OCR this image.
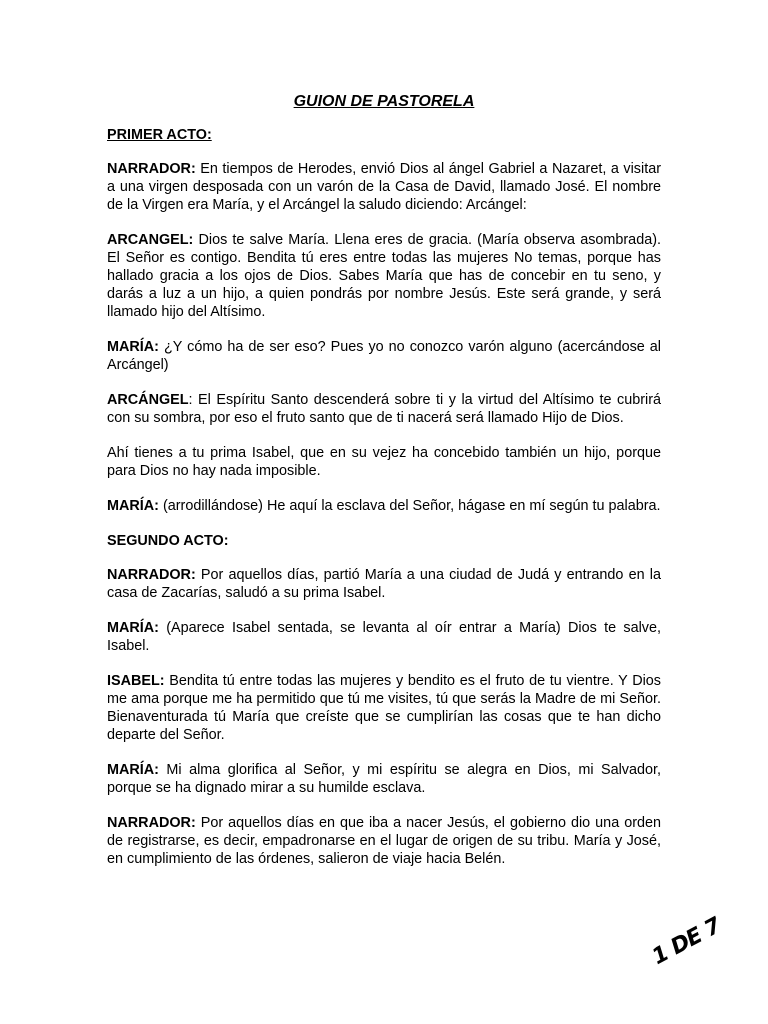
GUION DE PASTORELA
PRIMER ACTO:

NARRADOR: En tiempos de Herodes, envió Dios al ángel Gabriel a Nazaret, a visitar a una virgen desposada con un varón de la Casa de David, llamado José. El nombre de la Virgen era María, y el Arcángel la saludo diciendo: Arcángel:

ARCANGEL: Dios te salve María. Llena eres de gracia. (María observa asombrada). El Señor es contigo. Bendita tú eres entre todas las mujeres No temas, porque has hallado gracia a los ojos de Dios. Sabes María que has de concebir en tu seno, y darás a luz a un hijo, a quien pondrás por nombre Jesús. Este será grande, y será llamado hijo del Altísimo.

MARÍA: ¿Y cómo ha de ser eso? Pues yo no conozco varón alguno (acercándose al Arcángel)

ARCÁNGEL: El Espíritu Santo descenderá sobre ti y la virtud del Altísimo te cubrirá con su sombra, por eso el fruto santo que de ti nacerá será llamado Hijo de Dios.

Ahí tienes a tu prima Isabel, que en su vejez ha concebido también un hijo, porque para Dios no hay nada imposible.

MARÍA: (arrodillándose) He aquí la esclava del Señor, hágase en mí según tu palabra.

SEGUNDO ACTO:

NARRADOR: Por aquellos días, partió María a una ciudad de Judá y entrando en la casa de Zacarías, saludó a su prima Isabel.

MARÍA: (Aparece Isabel sentada, se levanta al oír entrar a María) Dios te salve, Isabel.

ISABEL: Bendita tú entre todas las mujeres y bendito es el fruto de tu vientre. Y Dios me ama porque me ha permitido que tú me visites, tú que serás la Madre de mi Señor. Bienaventurada tú María que creíste que se cumplirían las cosas que te han dicho departe del Señor.

MARÍA: Mi alma glorifica al Señor, y mi espíritu se alegra en Dios, mi Salvador, porque se ha dignado mirar a su humilde esclava.

NARRADOR: Por aquellos días en que iba a nacer Jesús, el gobierno dio una orden de registrarse, es decir, empadronarse en el lugar de origen de su tribu. María y José, en cumplimiento de las órdenes, salieron de viaje hacia Belén.

1 DE 7
